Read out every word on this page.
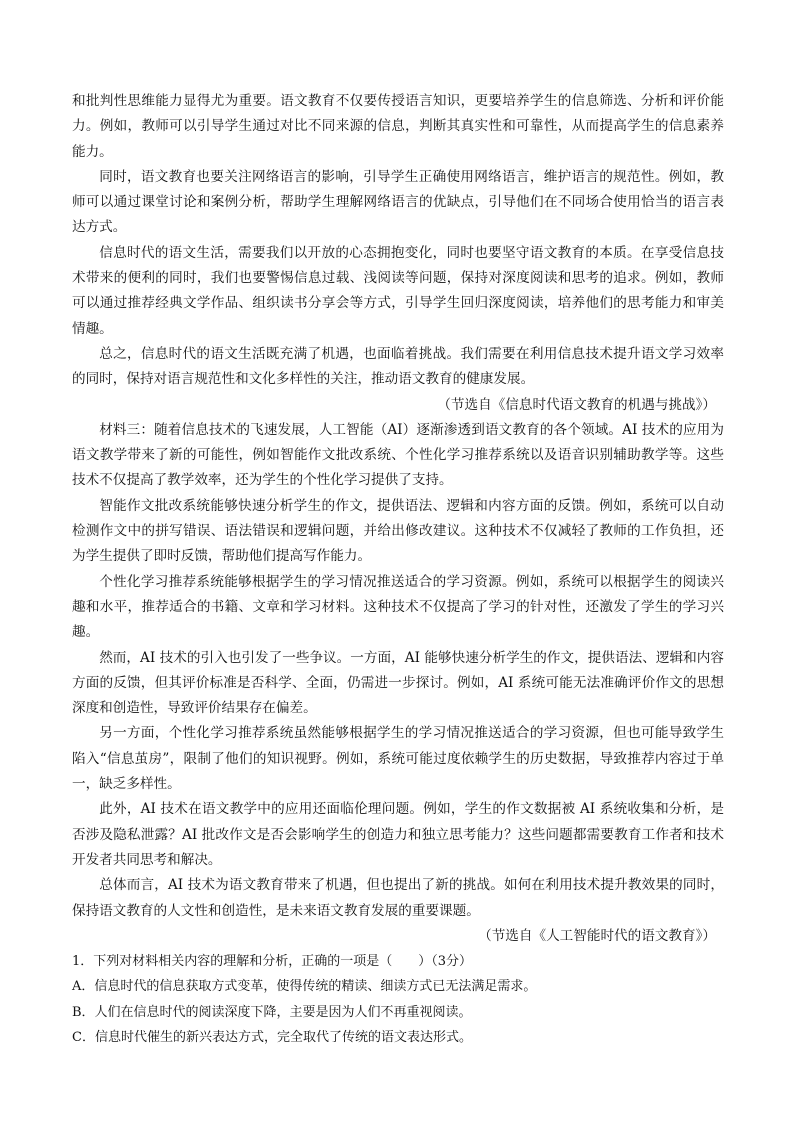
和批判性思维能力显得尤为重要。语文教育不仅要传授语言知识，更要培养学生的信息筛选、分析和评价能力。例如，教师可以引导学生通过对比不同来源的信息，判断其真实性和可靠性，从而提高学生的信息素养能力。

同时，语文教育也要关注网络语言的影响，引导学生正确使用网络语言，维护语言的规范性。例如，教师可以通过课堂讨论和案例分析，帮助学生理解网络语言的优缺点，引导他们在不同场合使用恰当的语言表达方式。

信息时代的语文生活，需要我们以开放的心态拥抱变化，同时也要坚守语文教育的本质。在享受信息技术带来的便利的同时，我们也要警惕信息过载、浅阅读等问题，保持对深度阅读和思考的追求。例如，教师可以通过推荐经典文学作品、组织读书分享会等方式，引导学生回归深度阅读，培养他们的思考能力和审美情趣。

总之，信息时代的语文生活既充满了机遇，也面临着挑战。我们需要在利用信息技术提升语文学习效率的同时，保持对语言规范性和文化多样性的关注，推动语文教育的健康发展。

（节选自《信息时代语文教育的机遇与挑战》）

材料三：随着信息技术的飞速发展，人工智能（AI）逐渐渗透到语文教育的各个领域。AI 技术的应用为语文教学带来了新的可能性，例如智能作文批改系统、个性化学习推荐系统以及语音识别辅助教学等。这些技术不仅提高了教学效率，还为学生的个性化学习提供了支持。

智能作文批改系统能够快速分析学生的作文，提供语法、逻辑和内容方面的反馈。例如，系统可以自动检测作文中的拼写错误、语法错误和逻辑问题，并给出修改建议。这种技术不仅减轻了教师的工作负担，还为学生提供了即时反馈，帮助他们提高写作能力。

个性化学习推荐系统能够根据学生的学习情况推送适合的学习资源。例如，系统可以根据学生的阅读兴趣和水平，推荐适合的书籍、文章和学习材料。这种技术不仅提高了学习的针对性，还激发了学生的学习兴趣。

然而，AI 技术的引入也引发了一些争议。一方面，AI 能够快速分析学生的作文，提供语法、逻辑和内容方面的反馈，但其评价标准是否科学、全面，仍需进一步探讨。例如，AI 系统可能无法准确评价作文的思想深度和创造性，导致评价结果存在偏差。

另一方面，个性化学习推荐系统虽然能够根据学生的学习情况推送适合的学习资源，但也可能导致学生陷入“信息茧房”，限制了他们的知识视野。例如，系统可能过度依赖学生的历史数据，导致推荐内容过于单一，缺乏多样性。

此外，AI 技术在语文教学中的应用还面临伦理问题。例如，学生的作文数据被 AI 系统收集和分析，是否涉及隐私泄露？AI 批改作文是否会影响学生的创造力和独立思考能力？这些问题都需要教育工作者和技术开发者共同思考和解决。

总体而言，AI 技术为语文教育带来了机遇，但也提出了新的挑战。如何在利用技术提升教效果的同时，保持语文教育的人文性和创造性，是未来语文教育发展的重要课题。

（节选自《人工智能时代的语文教育》）

1．下列对材料相关内容的理解和分析，正确的一项是（　　）（3分）

A．信息时代的信息获取方式变革，使得传统的精读、细读方式已无法满足需求。

B．人们在信息时代的阅读深度下降，主要是因为人们不再重视阅读。

C．信息时代催生的新兴表达方式，完全取代了传统的语文表达形式。
